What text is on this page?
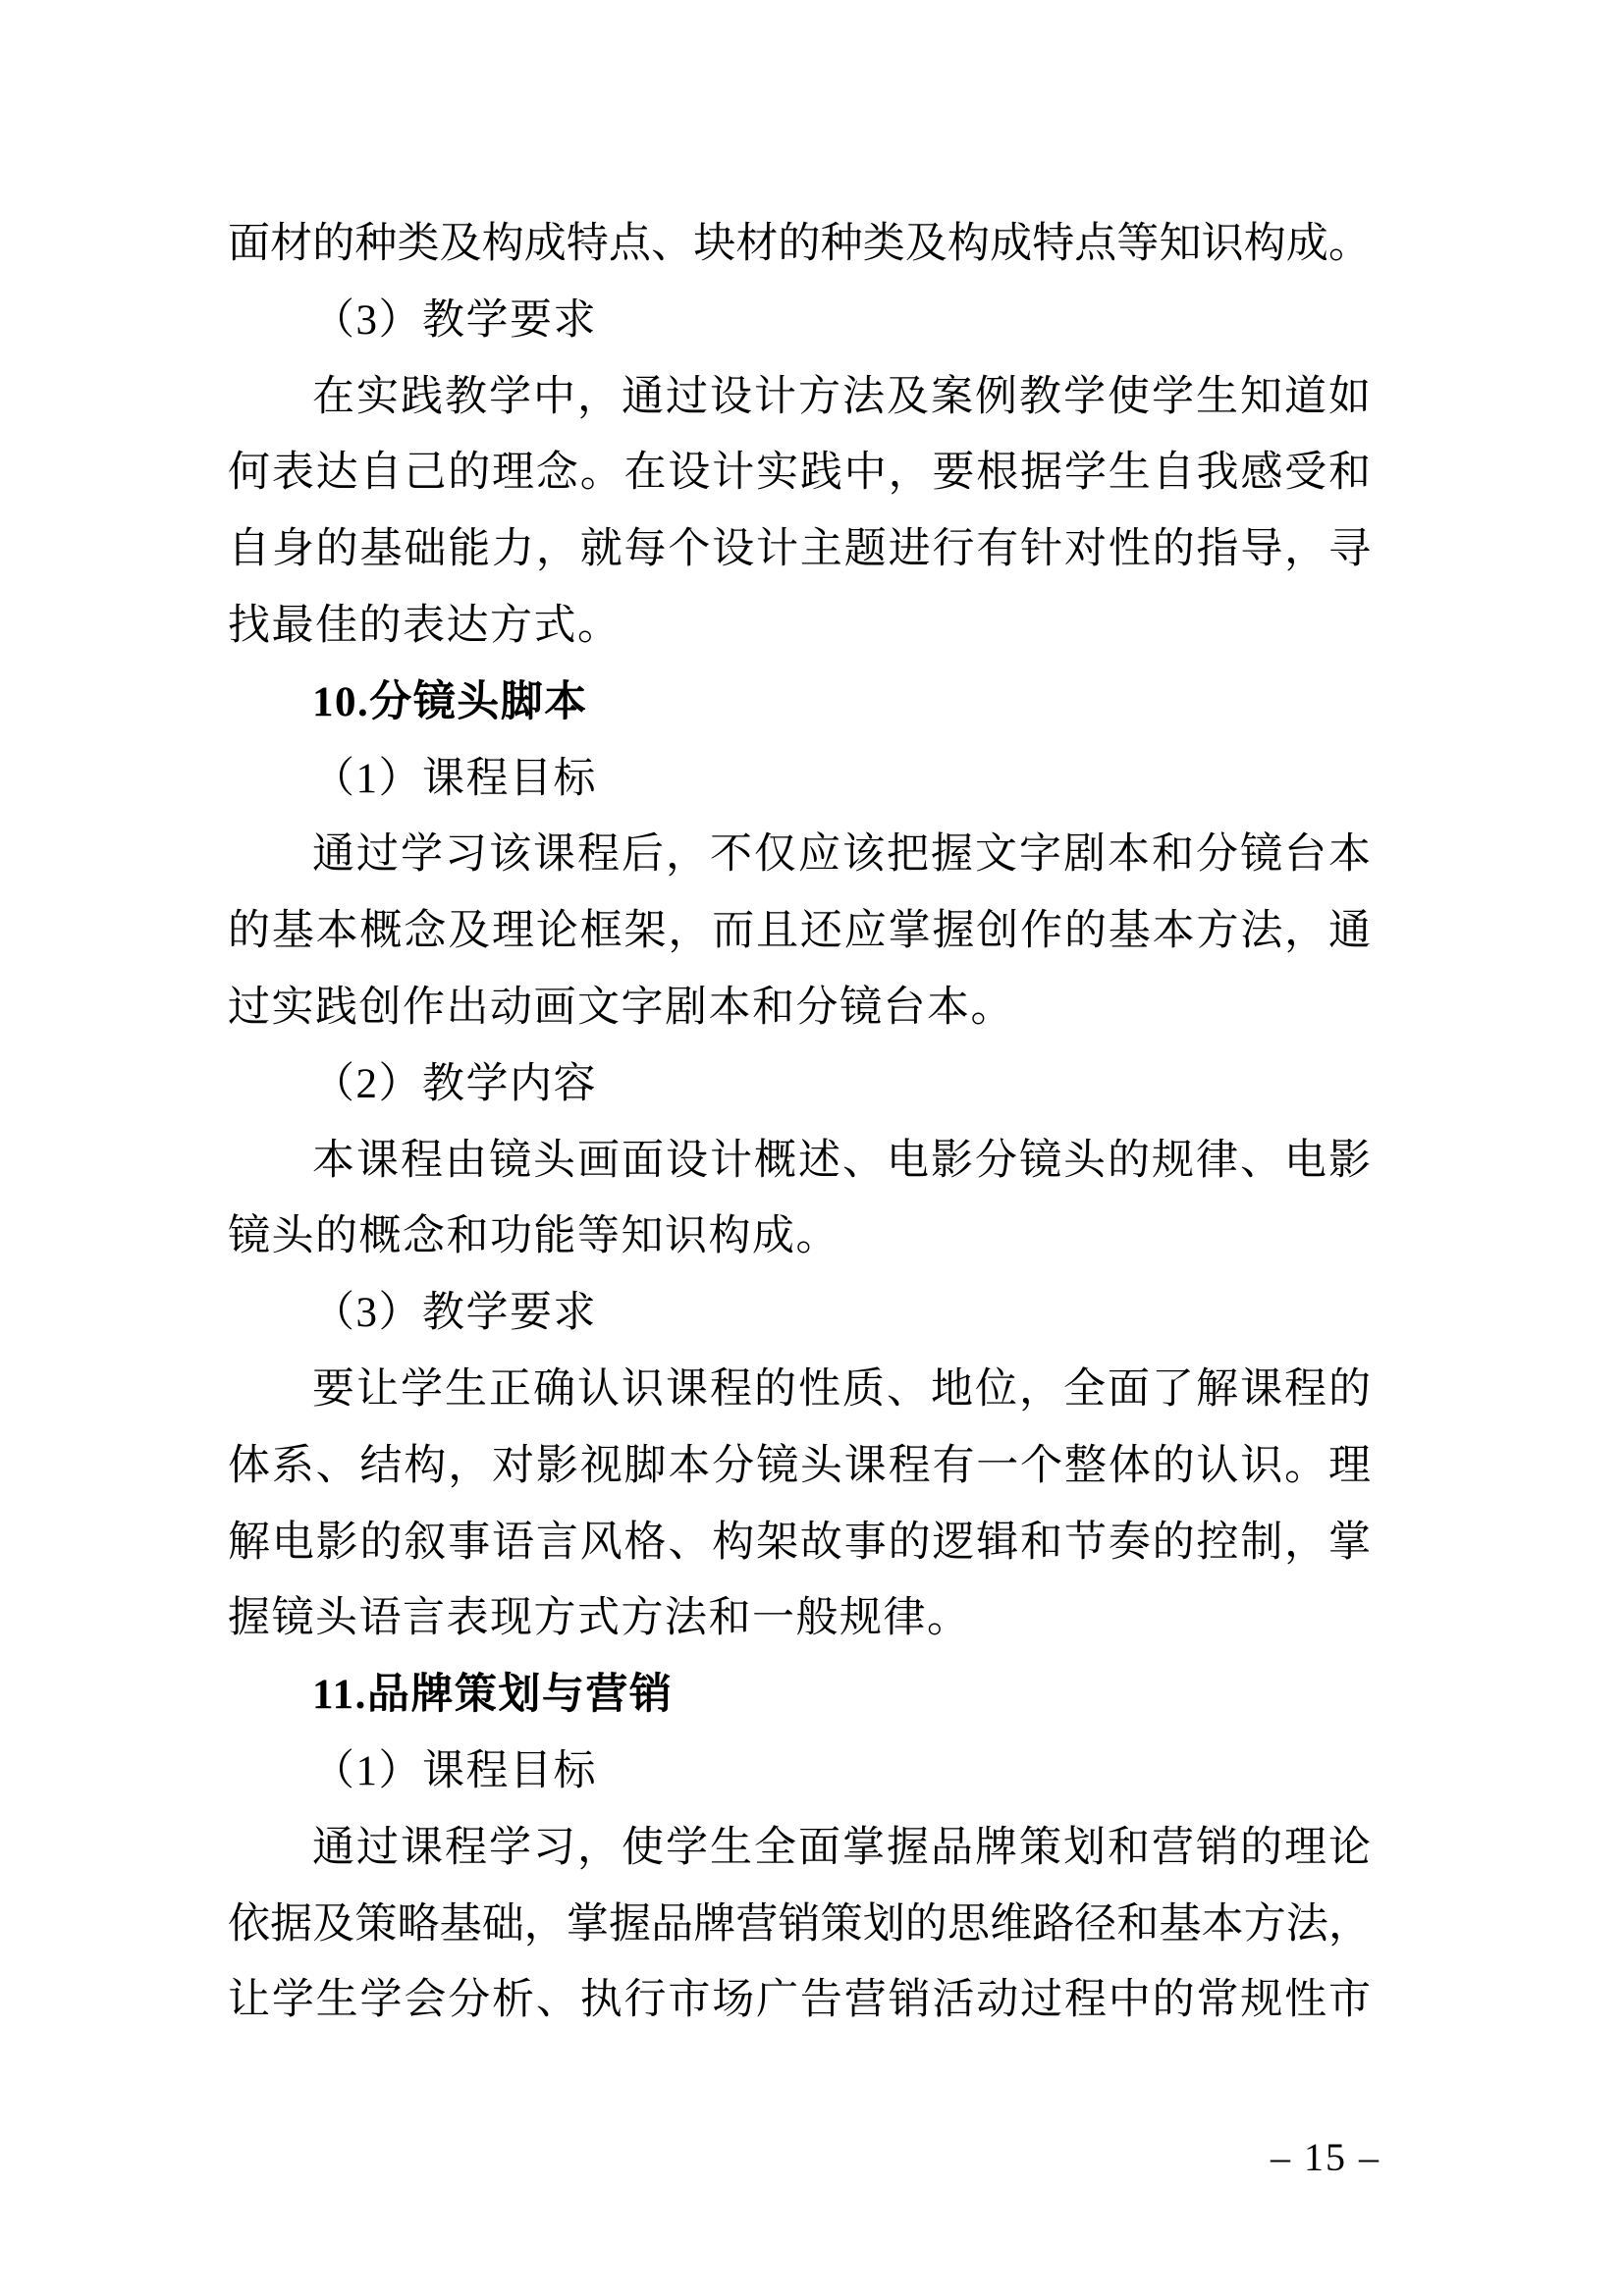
面材的种类及构成特点、块材的种类及构成特点等知识构成。
（3）教学要求
在实践教学中，通过设计方法及案例教学使学生知道如
何表达自己的理念。在设计实践中，要根据学生自我感受和
自身的基础能力，就每个设计主题进行有针对性的指导，寻
找最佳的表达方式。
10.分镜头脚本
（1）课程目标
通过学习该课程后，不仅应该把握文字剧本和分镜台本
的基本概念及理论框架，而且还应掌握创作的基本方法，通
过实践创作出动画文字剧本和分镜台本。
（2）教学内容
本课程由镜头画面设计概述、电影分镜头的规律、电影
镜头的概念和功能等知识构成。
（3）教学要求
要让学生正确认识课程的性质、地位，全面了解课程的
体系、结构，对影视脚本分镜头课程有一个整体的认识。理
解电影的叙事语言风格、构架故事的逻辑和节奏的控制，掌
握镜头语言表现方式方法和一般规律。
11.品牌策划与营销
（1）课程目标
通过课程学习，使学生全面掌握品牌策划和营销的理论
依据及策略基础，掌握品牌营销策划的思维路径和基本方法，
让学生学会分析、执行市场广告营销活动过程中的常规性市
– 15 –
